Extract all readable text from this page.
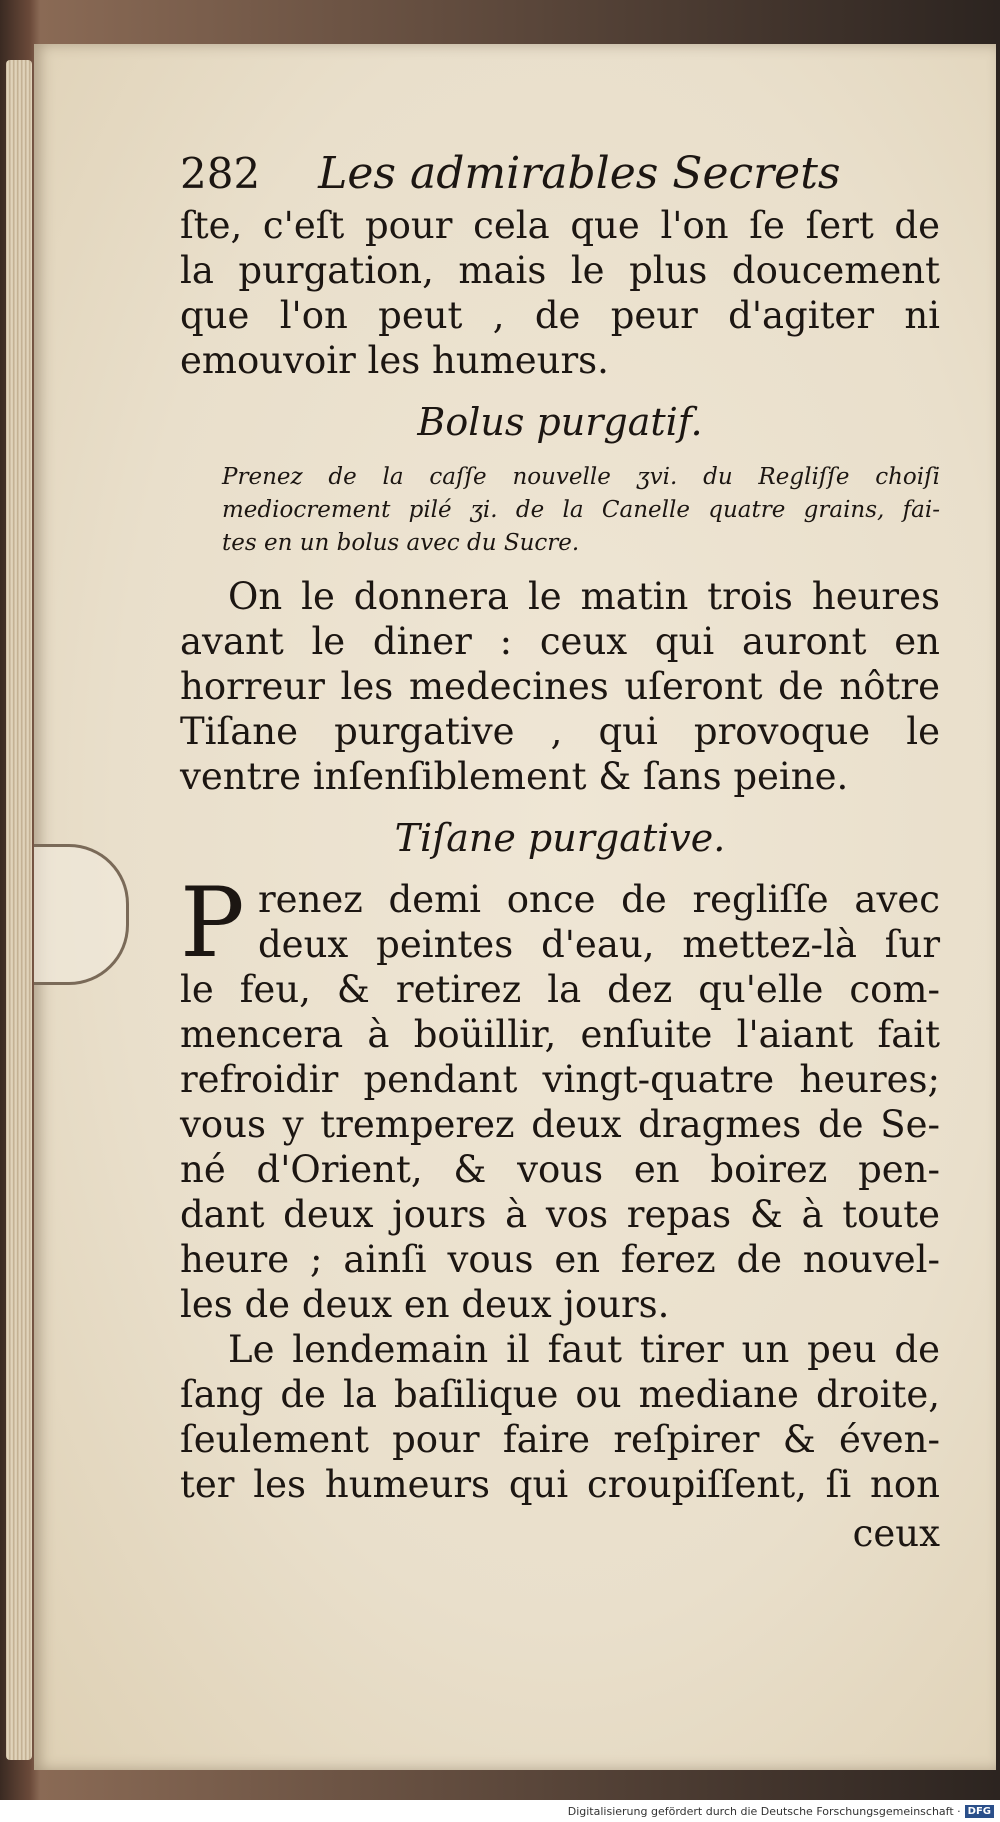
282 Les admirables Secrets
ſte, c'eſt pour cela que l'on ſe ſert de
la purgation, mais le plus doucement
que l'on peut , de peur d'agiter ni
emouvoir les humeurs.
Bolus purgatif.
Prenez de la caſſe nouvelle ʒvi. du Regliſſe choiſi
mediocrement pilé ʒi. de la Canelle quatre grains, fai-
tes en un bolus avec du Sucre.
On le donnera le matin trois heures
avant le diner : ceux qui auront en
horreur les medecines uſeront de nôtre
Tiſane purgative , qui provoque le
ventre inſenſiblement & ſans peine.
Tiſane purgative.
P renez demi once de regliſſe avec
deux peintes d'eau, mettez-là ſur
le feu, & retirez la dez qu'elle com-
mencera à boüillir, enſuite l'aiant fait
refroidir pendant vingt-quatre heures;
vous y tremperez deux dragmes de Se-
né d'Orient, & vous en boirez pen-
dant deux jours à vos repas & à toute
heure ; ainſi vous en ferez de nouvel-
les de deux en deux jours.
Le lendemain il faut tirer un peu de
ſang de la baſilique ou mediane droite,
ſeulement pour faire reſpirer & éven-
ter les humeurs qui croupiſſent, ſi non
ceux
Digitalisierung gefördert durch die Deutsche Forschungsgemeinschaft · DFG
